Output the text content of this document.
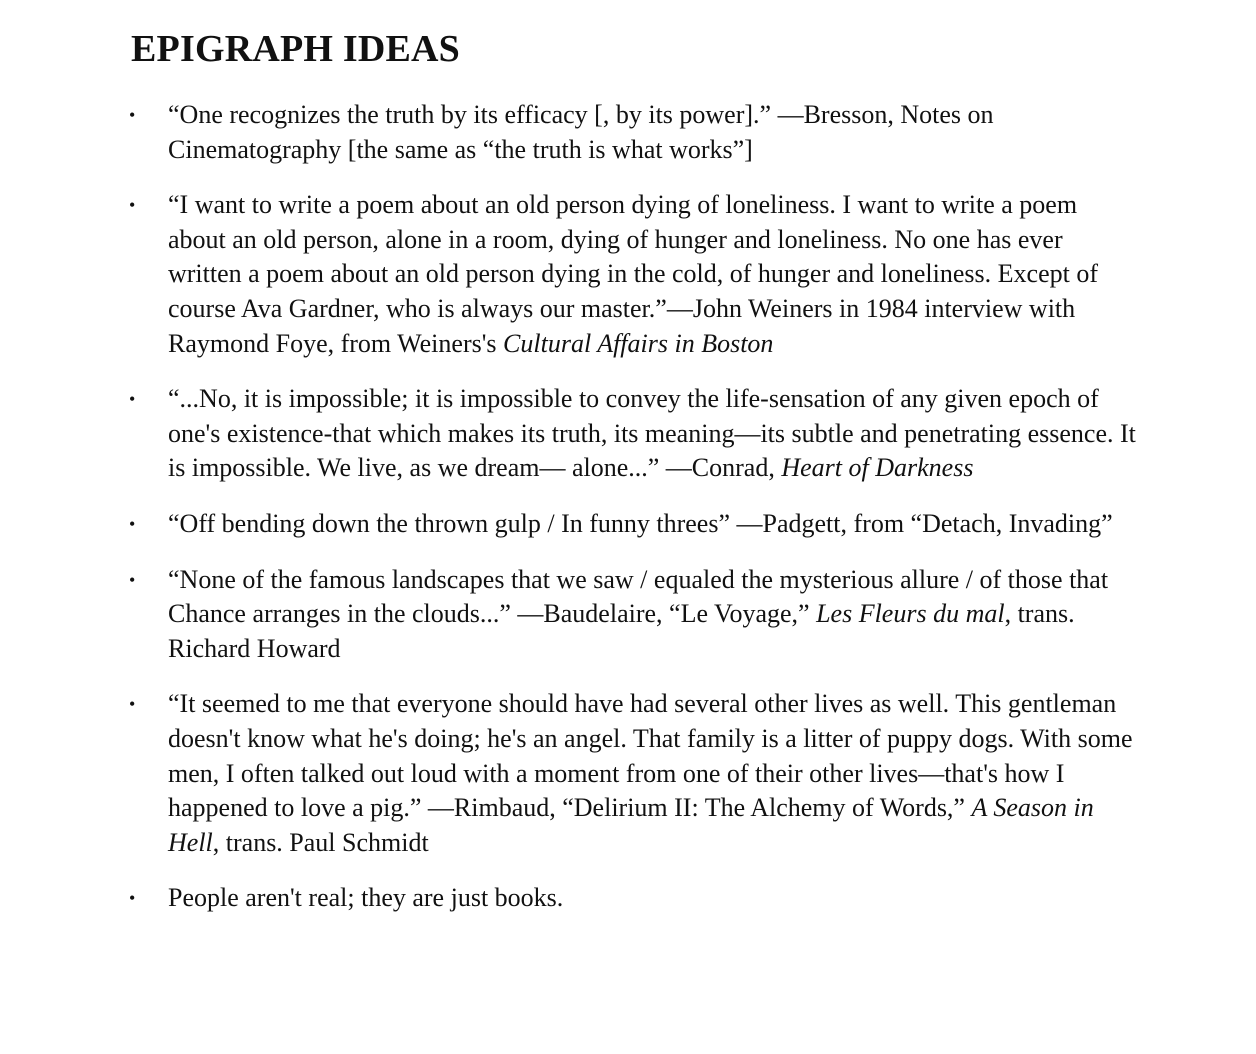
EPIGRAPH IDEAS
• “One recognizes the truth by its efficacy [, by its power].” —Bresson, Notes on Cinematography [the same as “the truth is what works”]
• “I want to write a poem about an old person dying of loneliness. I want to write a poem about an old person, alone in a room, dying of hunger and loneliness. No one has ever written a poem about an old person dying in the cold, of hunger and loneliness. Except of course Ava Gardner, who is always our master.”—John Weiners in 1984 interview with Raymond Foye, from Weiners's Cultural Affairs in Boston
• “...No, it is impossible; it is impossible to convey the life-sensation of any given epoch of one's existence-that which makes its truth, its meaning—its subtle and penetrating essence. It is impossible. We live, as we dream— alone...” —Conrad, Heart of Darkness
• “Off bending down the thrown gulp / In funny threes” —Padgett, from “Detach, Invading”
• “None of the famous landscapes that we saw / equaled the mysterious allure / of those that Chance arranges in the clouds...” —Baudelaire, “Le Voyage,” Les Fleurs du mal, trans. Richard Howard
• “It seemed to me that everyone should have had several other lives as well. This gentleman doesn't know what he's doing; he's an angel. That family is a litter of puppy dogs. With some men, I often talked out loud with a moment from one of their other lives—that's how I happened to love a pig.” —Rimbaud, “Delirium II: The Alchemy of Words,” A Season in Hell, trans. Paul Schmidt
• People aren't real; they are just books.
